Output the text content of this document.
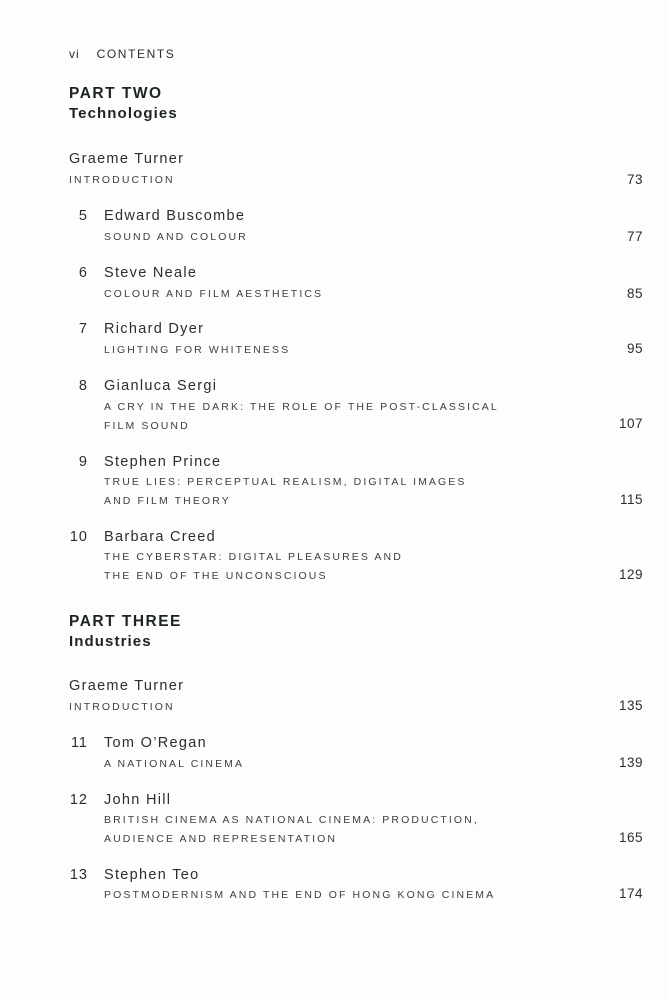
vi CONTENTS
PART TWO
Technologies
Graeme Turner
INTRODUCTION	73
5 Edward Buscombe
SOUND AND COLOUR	77
6 Steve Neale
COLOUR AND FILM AESTHETICS	85
7 Richard Dyer
LIGHTING FOR WHITENESS	95
8 Gianluca Sergi
A CRY IN THE DARK: THE ROLE OF THE POST-CLASSICAL
FILM SOUND	107
9 Stephen Prince
TRUE LIES: PERCEPTUAL REALISM, DIGITAL IMAGES
AND FILM THEORY	115
10 Barbara Creed
THE CYBERSTAR: DIGITAL PLEASURES AND
THE END OF THE UNCONSCIOUS	129
PART THREE
Industries
Graeme Turner
INTRODUCTION	135
11 Tom O’Regan
A NATIONAL CINEMA	139
12 John Hill
BRITISH CINEMA AS NATIONAL CINEMA: PRODUCTION,
AUDIENCE AND REPRESENTATION	165
13 Stephen Teo
POSTMODERNISM AND THE END OF HONG KONG CINEMA	174
